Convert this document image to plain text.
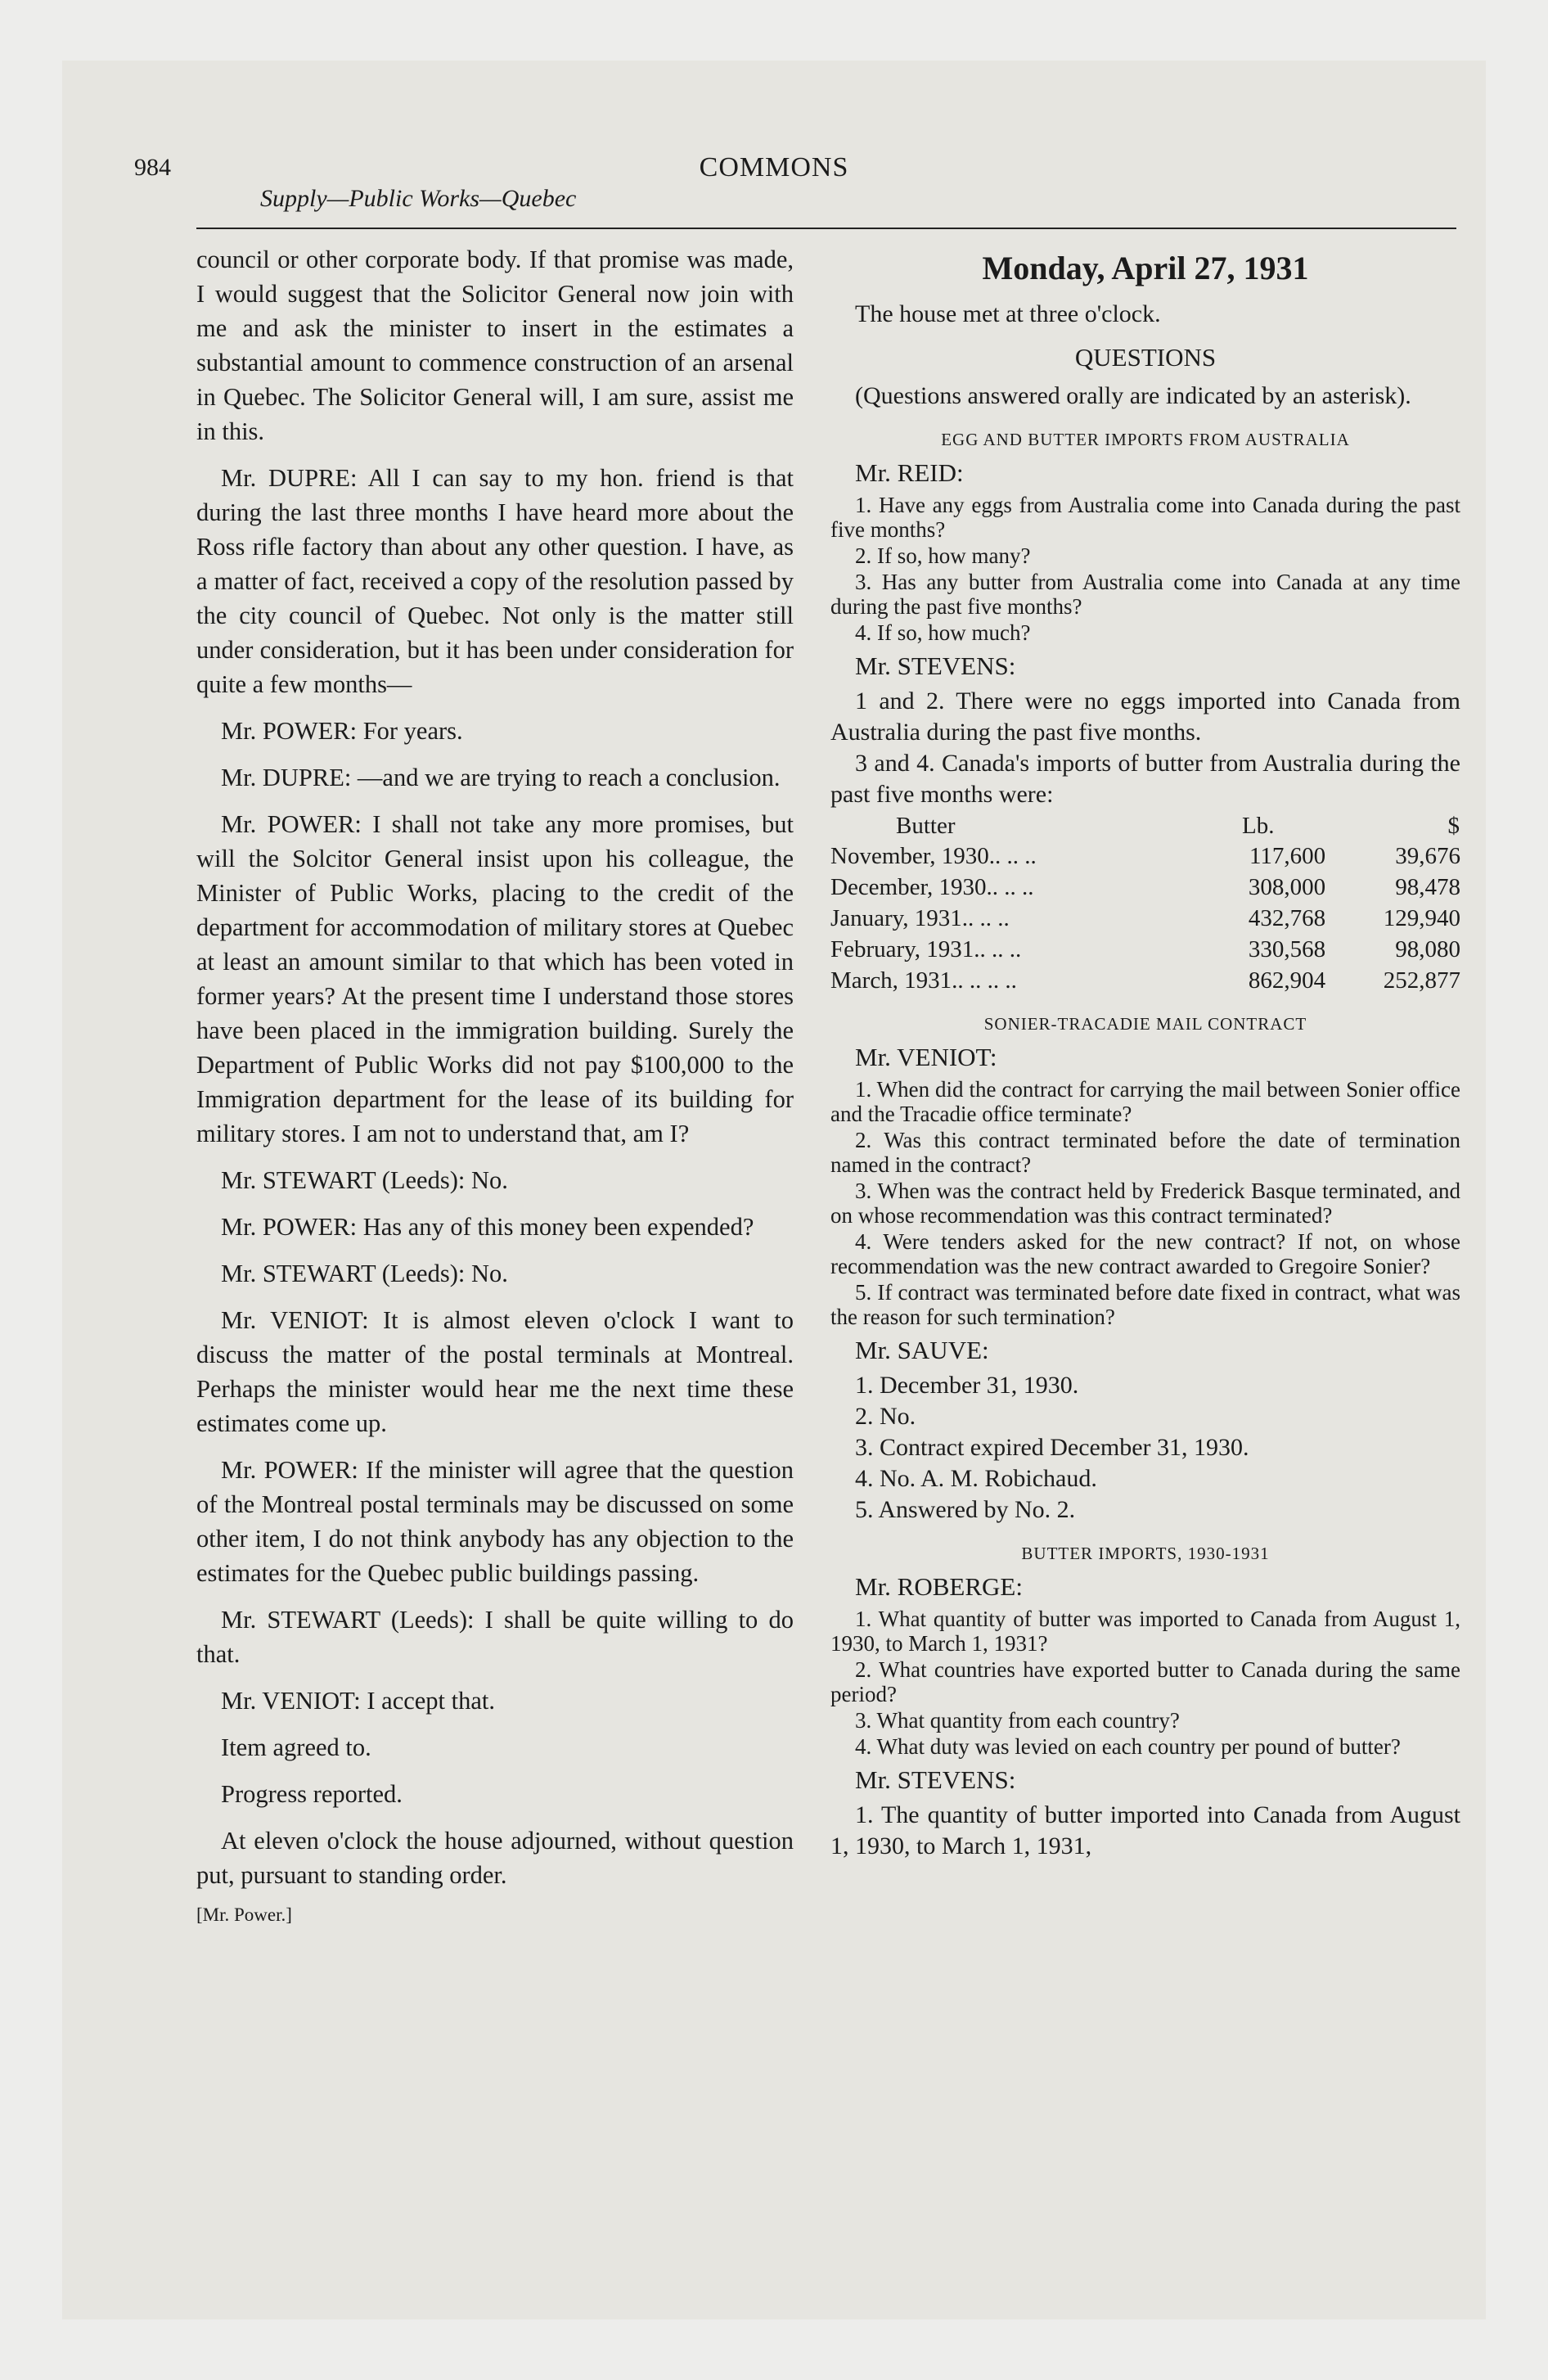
984	COMMONS
Supply—Public Works—Quebec

council or other corporate body. If that promise was made, I would suggest that the Solicitor General now join with me and ask the minister to insert in the estimates a substantial amount to commence construction of an arsenal in Quebec. The Solicitor General will, I am sure, assist me in this.

Mr. DUPRE: All I can say to my hon. friend is that during the last three months I have heard more about the Ross rifle factory than about any other question. I have, as a matter of fact, received a copy of the resolution passed by the city council of Quebec. Not only is the matter still under consideration, but it has been under consideration for quite a few months—

Mr. POWER: For years.

Mr. DUPRE: —and we are trying to reach a conclusion.

Mr. POWER: I shall not take any more promises, but will the Solcitor General insist upon his colleague, the Minister of Public Works, placing to the credit of the department for accommodation of military stores at Quebec at least an amount similar to that which has been voted in former years? At the present time I understand those stores have been placed in the immigration building. Surely the Department of Public Works did not pay $100,000 to the Immigration department for the lease of its building for military stores. I am not to understand that, am I?

Mr. STEWART (Leeds): No.

Mr. POWER: Has any of this money been expended?

Mr. STEWART (Leeds): No.

Mr. VENIOT: It is almost eleven o'clock I want to discuss the matter of the postal terminals at Montreal. Perhaps the minister would hear me the next time these estimates come up.

Mr. POWER: If the minister will agree that the question of the Montreal postal terminals may be discussed on some other item, I do not think anybody has any objection to the estimates for the Quebec public buildings passing.

Mr. STEWART (Leeds): I shall be quite willing to do that.

Mr. VENIOT: I accept that.

Item agreed to.

Progress reported.

At eleven o'clock the house adjourned, without question put, pursuant to standing order.

[Mr. Power.]
Monday, April 27, 1931
The house met at three o'clock.
QUESTIONS
(Questions answered orally are indicated by an asterisk).
EGG AND BUTTER IMPORTS FROM AUSTRALIA
Mr. REID:
1. Have any eggs from Australia come into Canada during the past five months?
2. If so, how many?
3. Has any butter from Australia come into Canada at any time during the past five months?
4. If so, how much?
Mr. STEVENS:
1 and 2. There were no eggs imported into Canada from Australia during the past five months.
3 and 4. Canada's imports of butter from Australia during the past five months were:
Butter	Lb.	$
November, 1930.. .. ..	117,600	39,676
December, 1930.. .. ..	308,000	98,478
January, 1931.. .. ..	432,768	129,940
February, 1931.. .. ..	330,568	98,080
March, 1931.. .. .. ..	862,904	252,877
SONIER-TRACADIE MAIL CONTRACT
Mr. VENIOT:
1. When did the contract for carrying the mail between Sonier office and the Tracadie office terminate?
2. Was this contract terminated before the date of termination named in the contract?
3. When was the contract held by Frederick Basque terminated, and on whose recommendation was this contract terminated?
4. Were tenders asked for the new contract? If not, on whose recommendation was the new contract awarded to Gregoire Sonier?
5. If contract was terminated before date fixed in contract, what was the reason for such termination?
Mr. SAUVE:
1. December 31, 1930.
2. No.
3. Contract expired December 31, 1930.
4. No. A. M. Robichaud.
5. Answered by No. 2.
BUTTER IMPORTS, 1930-1931
Mr. ROBERGE:
1. What quantity of butter was imported to Canada from August 1, 1930, to March 1, 1931?
2. What countries have exported butter to Canada during the same period?
3. What quantity from each country?
4. What duty was levied on each country per pound of butter?
Mr. STEVENS:
1. The quantity of butter imported into Canada from August 1, 1930, to March 1, 1931,
